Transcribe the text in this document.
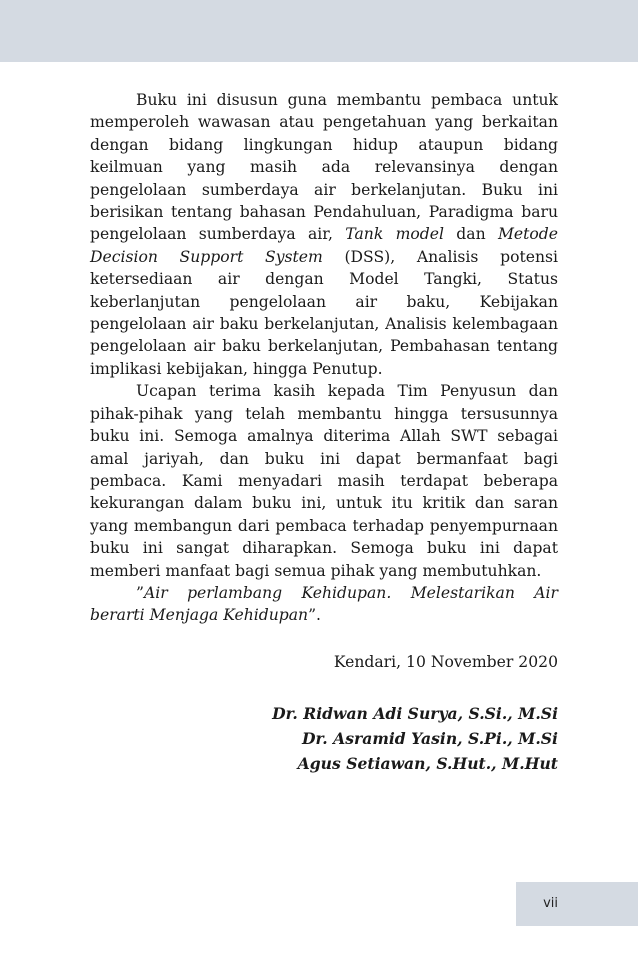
Buku ini disusun guna membantu pembaca untuk memperoleh wawasan atau pengetahuan yang berkaitan dengan bidang lingkungan hidup ataupun bidang keilmuan yang masih ada relevansinya dengan pengelolaan sumberdaya air berkelanjutan. Buku ini berisikan tentang bahasan Pendahuluan, Paradigma baru pengelolaan sumberdaya air, Tank model dan Metode Decision Support System (DSS), Analisis potensi ketersediaan air dengan Model Tangki, Status keberlanjutan pengelolaan air baku, Kebijakan pengelolaan air baku berkelanjutan, Analisis kelembagaan pengelolaan air baku berkelanjutan, Pembahasan tentang implikasi kebijakan, hingga Penutup.

Ucapan terima kasih kepada Tim Penyusun dan pihak-pihak yang telah membantu hingga tersusunnya buku ini. Semoga amalnya diterima Allah SWT sebagai amal jariyah, dan buku ini dapat bermanfaat bagi pembaca. Kami menyadari masih terdapat beberapa kekurangan dalam buku ini, untuk itu kritik dan saran yang membangun dari pembaca terhadap penyempurnaan buku ini sangat diharapkan. Semoga buku ini dapat memberi manfaat bagi semua pihak yang membutuhkan.

”Air perlambang Kehidupan. Melestarikan Air berarti Menjaga Kehidupan”.

Kendari, 10 November 2020

Dr. Ridwan Adi Surya, S.Si., M.Si

Dr. Asramid Yasin, S.Pi., M.Si

Agus Setiawan, S.Hut., M.Hut

vii
